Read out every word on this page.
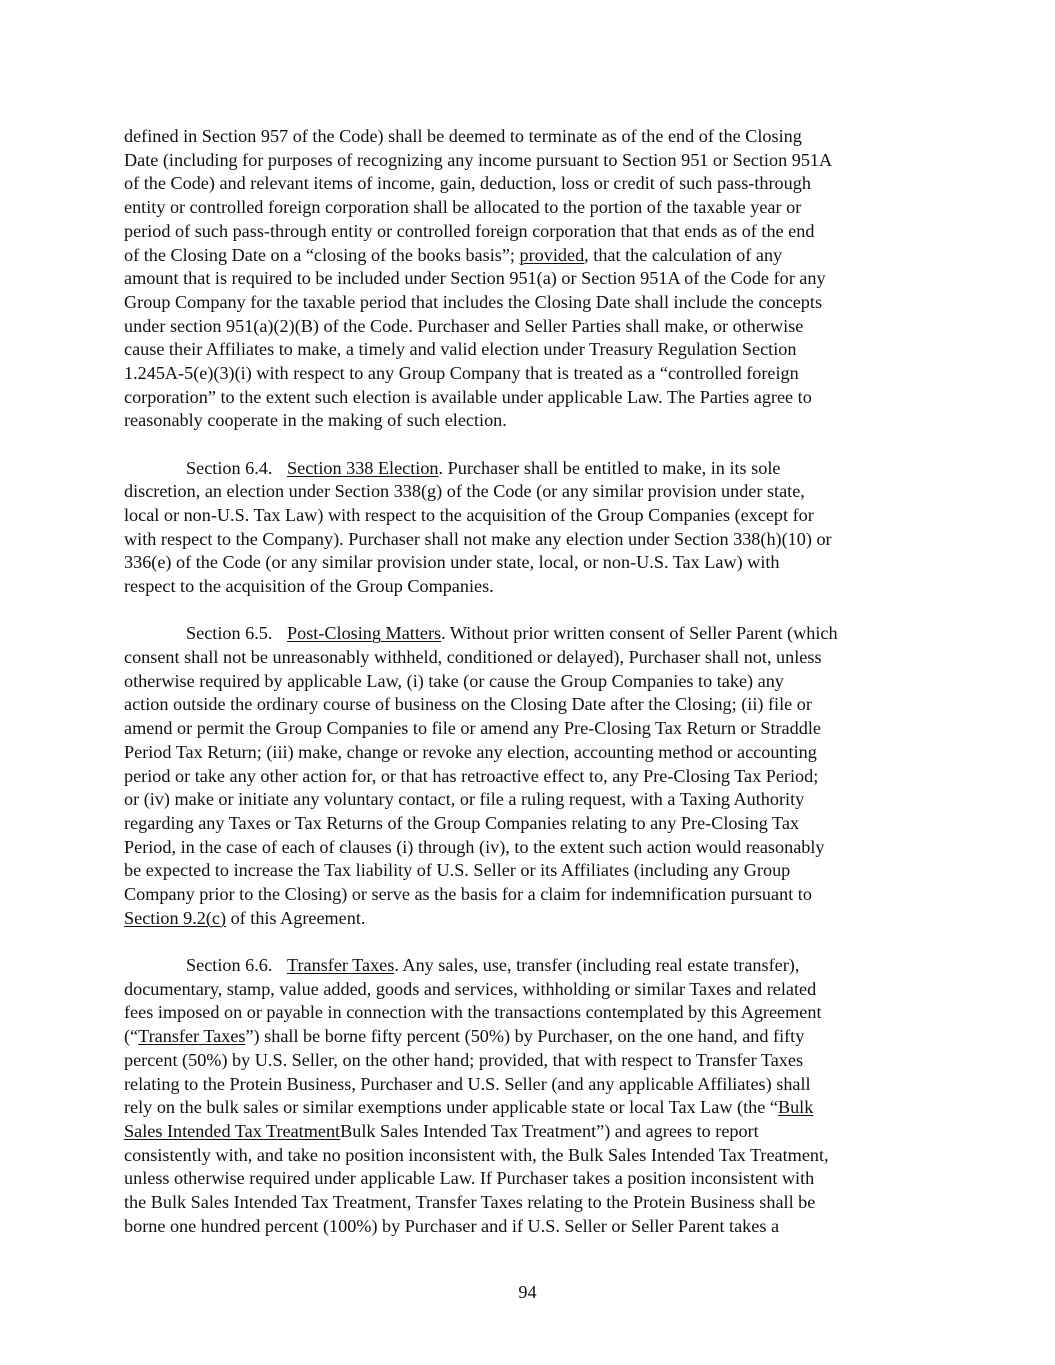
defined in Section 957 of the Code) shall be deemed to terminate as of the end of the Closing
Date (including for purposes of recognizing any income pursuant to Section 951 or Section 951A
of the Code) and relevant items of income, gain, deduction, loss or credit of such pass-through
entity or controlled foreign corporation shall be allocated to the portion of the taxable year or
period of such pass-through entity or controlled foreign corporation that that ends as of the end
of the Closing Date on a “closing of the books basis”; provided, that the calculation of any
amount that is required to be included under Section 951(a) or Section 951A of the Code for any
Group Company for the taxable period that includes the Closing Date shall include the concepts
under section 951(a)(2)(B) of the Code. Purchaser and Seller Parties shall make, or otherwise
cause their Affiliates to make, a timely and valid election under Treasury Regulation Section
1.245A-5(e)(3)(i) with respect to any Group Company that is treated as a “controlled foreign
corporation” to the extent such election is available under applicable Law. The Parties agree to
reasonably cooperate in the making of such election.

Section 6.4. Section 338 Election. Purchaser shall be entitled to make, in its sole
discretion, an election under Section 338(g) of the Code (or any similar provision under state,
local or non-U.S. Tax Law) with respect to the acquisition of the Group Companies (except for
with respect to the Company). Purchaser shall not make any election under Section 338(h)(10) or
336(e) of the Code (or any similar provision under state, local, or non-U.S. Tax Law) with
respect to the acquisition of the Group Companies.

Section 6.5. Post-Closing Matters. Without prior written consent of Seller Parent (which
consent shall not be unreasonably withheld, conditioned or delayed), Purchaser shall not, unless
otherwise required by applicable Law, (i) take (or cause the Group Companies to take) any
action outside the ordinary course of business on the Closing Date after the Closing; (ii) file or
amend or permit the Group Companies to file or amend any Pre-Closing Tax Return or Straddle
Period Tax Return; (iii) make, change or revoke any election, accounting method or accounting
period or take any other action for, or that has retroactive effect to, any Pre-Closing Tax Period;
or (iv) make or initiate any voluntary contact, or file a ruling request, with a Taxing Authority
regarding any Taxes or Tax Returns of the Group Companies relating to any Pre-Closing Tax
Period, in the case of each of clauses (i) through (iv), to the extent such action would reasonably
be expected to increase the Tax liability of U.S. Seller or its Affiliates (including any Group
Company prior to the Closing) or serve as the basis for a claim for indemnification pursuant to
Section 9.2(c) of this Agreement.

Section 6.6. Transfer Taxes. Any sales, use, transfer (including real estate transfer),
documentary, stamp, value added, goods and services, withholding or similar Taxes and related
fees imposed on or payable in connection with the transactions contemplated by this Agreement
(“Transfer Taxes”) shall be borne fifty percent (50%) by Purchaser, on the one hand, and fifty
percent (50%) by U.S. Seller, on the other hand; provided, that with respect to Transfer Taxes
relating to the Protein Business, Purchaser and U.S. Seller (and any applicable Affiliates) shall
rely on the bulk sales or similar exemptions under applicable state or local Tax Law (the “Bulk
Sales Intended Tax TreatmentBulk Sales Intended Tax Treatment”) and agrees to report
consistently with, and take no position inconsistent with, the Bulk Sales Intended Tax Treatment,
unless otherwise required under applicable Law. If Purchaser takes a position inconsistent with
the Bulk Sales Intended Tax Treatment, Transfer Taxes relating to the Protein Business shall be
borne one hundred percent (100%) by Purchaser and if U.S. Seller or Seller Parent takes a

94
